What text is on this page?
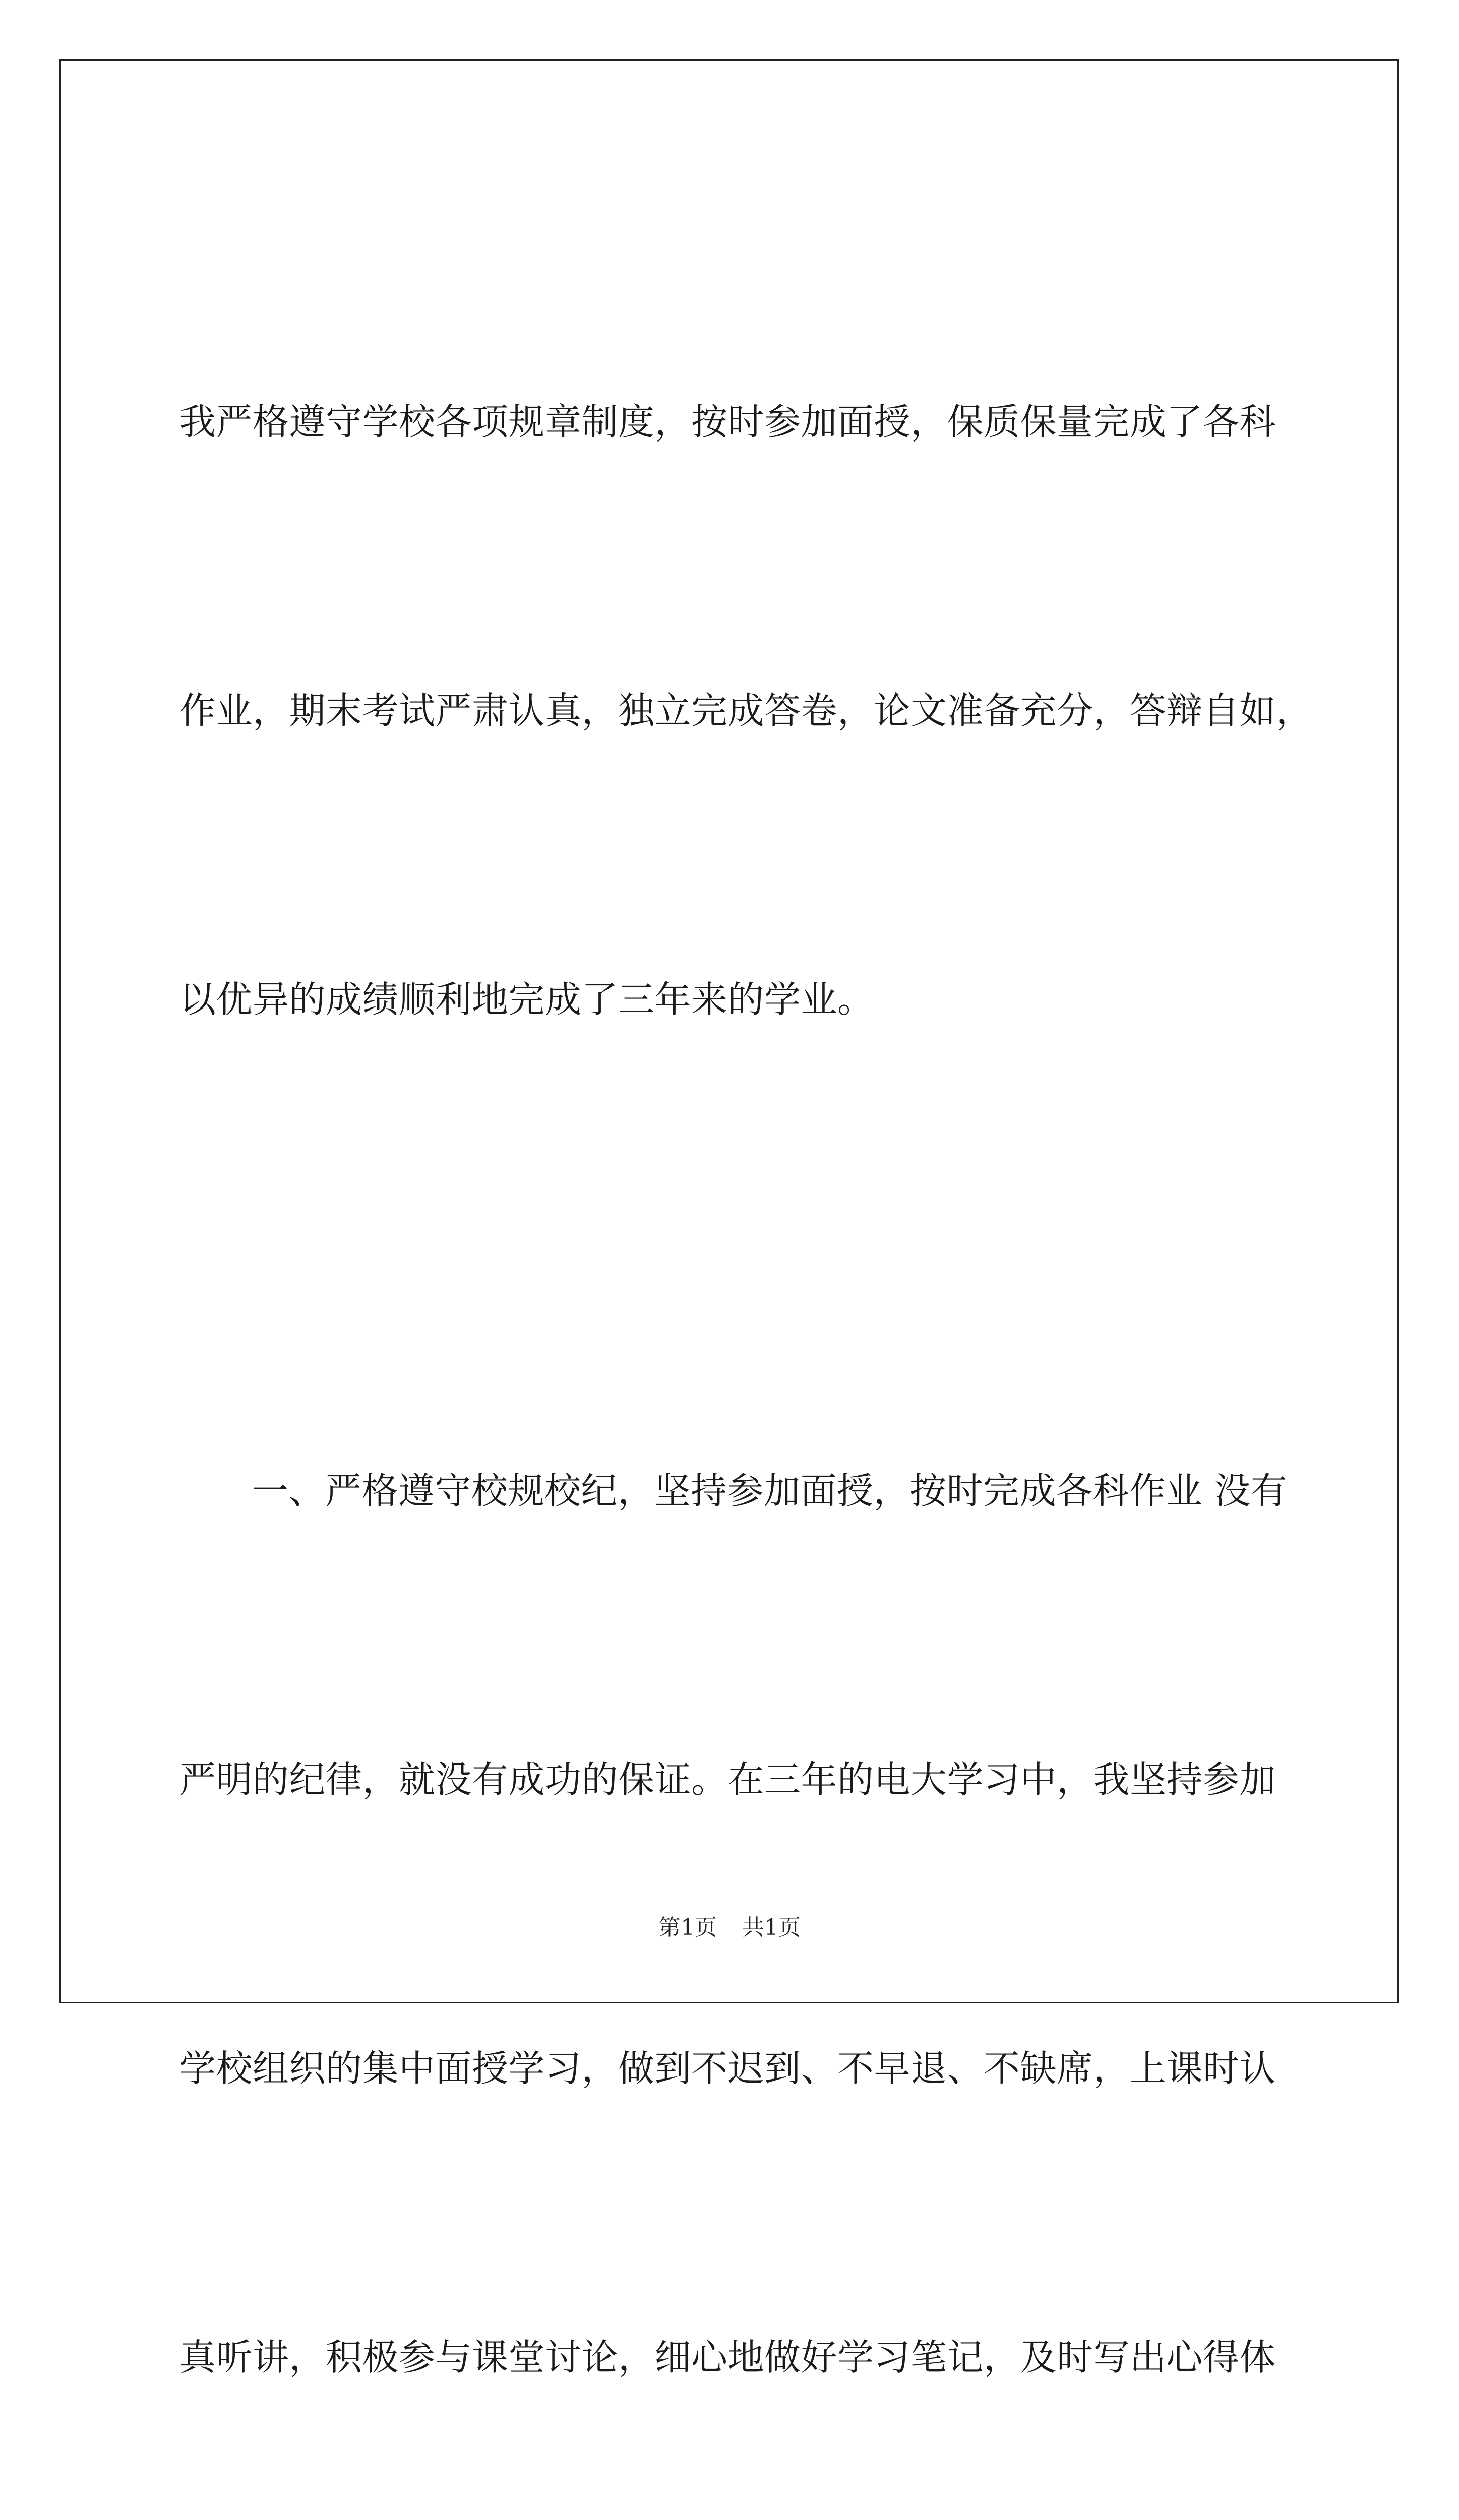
我严格遵守学校各项规章制度，按时参加面授，保质保量完成了各科

作业，期末考试严肃认真，独立完成答卷，论文准备充分，答辩自如，

以优异的成绩顺利地完成了三年来的学业。

一、严格遵守校规校纪，坚持参加面授，按时完成各科作业 没有

严明的纪律，就没有成功的保证。在三年的电大学习中，我坚持参加

学校组织的集中面授学习，做到不迟到、不早退、不缺席，上课时认

真听讲，积极参与课堂讨论，细心地做好学习笔记，及时写出心得体

第1页 共1页
